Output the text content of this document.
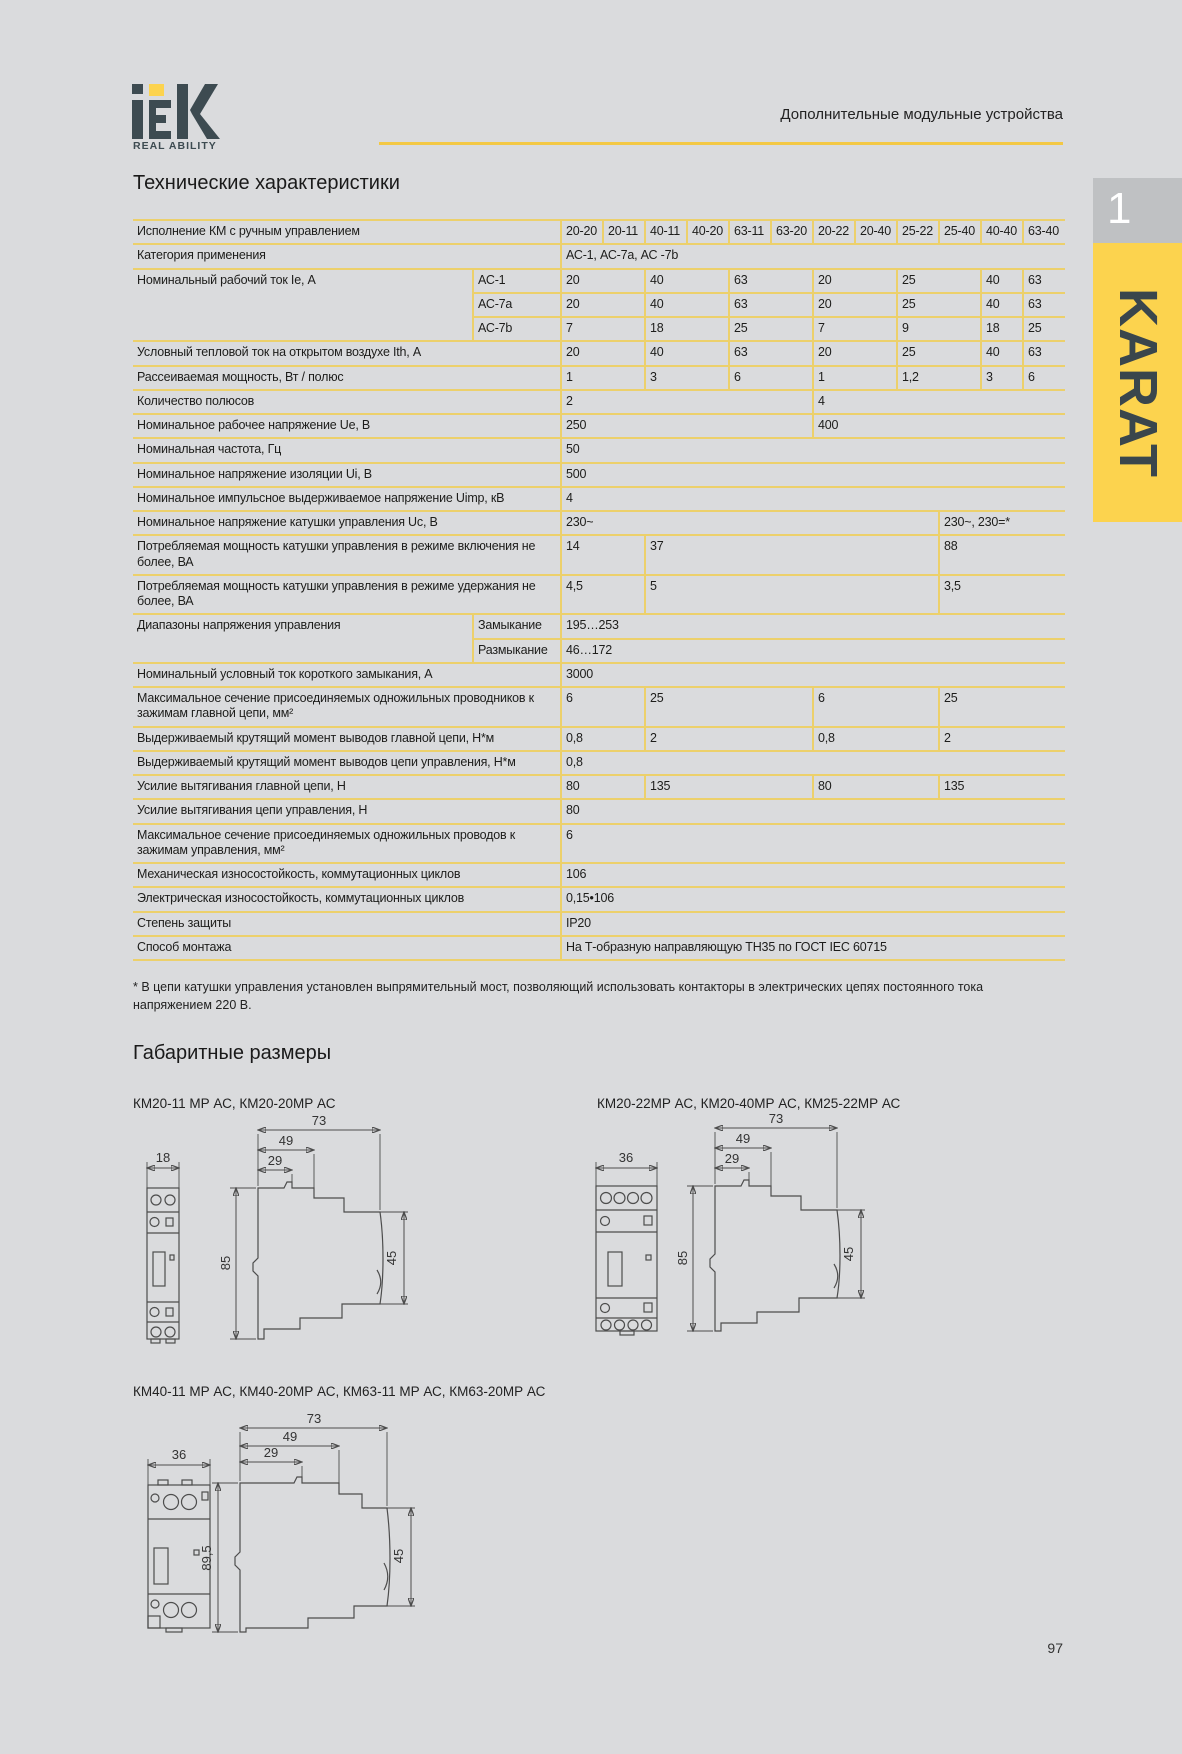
REAL ABILITY
Дополнительные модульные устройства
1
KARAT
Технические характеристики
Исполнение КМ с ручным управлением		20-20	20-11	40-11	40-20	63-11	63-20	20-22	20-40	25-22	25-40	40-40	63-40
Категория применения		АС-1, АС-7а, АС -7b											
Номинальный рабочий ток Ie, А	АС-1	20		40		63		20		25		40	63
	АС-7а	20		40		63		20		25		40	63
	АС-7b	7		18		25		7		9		18	25
Условный тепловой ток на открытом воздухе Ith, А		20		40		63		20		25		40	63
Рассеиваемая мощность, Вт / полюс		1		3		6		1		1,2		3	6
Количество полюсов		2						4					
Номинальное рабочее напряжение Ue, В		250						400					
Номинальная частота, Гц		50											
Номинальное напряжение изоляции Ui, В		500											
Номинальное импульсное выдерживаемое напряжение Uimp, кВ		4											
Номинальное напряжение катушки управления Uc, В		230~									230~, 230=*		
Потребляемая мощность катушки управления в режиме включения не более, ВА		14		37							88		
Потребляемая мощность катушки управления в режиме удержания не более, ВА		4,5		5							3,5		
Диапазоны напряжения управления	Замыкание	195…253											
	Размыкание	46…172											
Номинальный условный ток короткого замыкания, А		3000											
Максимальное сечение присоединяемых одножильных проводников к зажимам главной цепи, мм²		6		25				6			25		
Выдерживаемый крутящий момент выводов главной цепи, Н*м		0,8		2				0,8			2		
Выдерживаемый крутящий момент выводов цепи управления, Н*м		0,8											
Усилие вытягивания главной цепи, Н		80		135				80			135		
Усилие вытягивания цепи управления, Н		80											
Максимальное сечение присоединяемых одножильных проводов к зажимам управления, мм²		6											
Механическая износостойкость, коммутационных циклов		106											
Электрическая износостойкость, коммутационных циклов		0,15•106											
Степень защиты		IP20											
Способ монтажа		На Т-образную направляющую ТН35 по ГОСТ IEC 60715											
* В цепи катушки управления установлен выпрямительный мост, позволяющий использовать контакторы в электрических цепях постоянного тока напряжением 220 В.
Габаритные размеры
КМ20-11 МР АС, КМ20-20МР АС	КМ20-22МР АС, КМ20-40МР АС, КМ25-22МР АС
КМ40-11 МР АС, КМ40-20МР АС, КМ63-11 МР АС, КМ63-20МР АС
18
73
49
29
85	45
36
73
49
29
85	45
36
73
49
29
89,5	45
97
